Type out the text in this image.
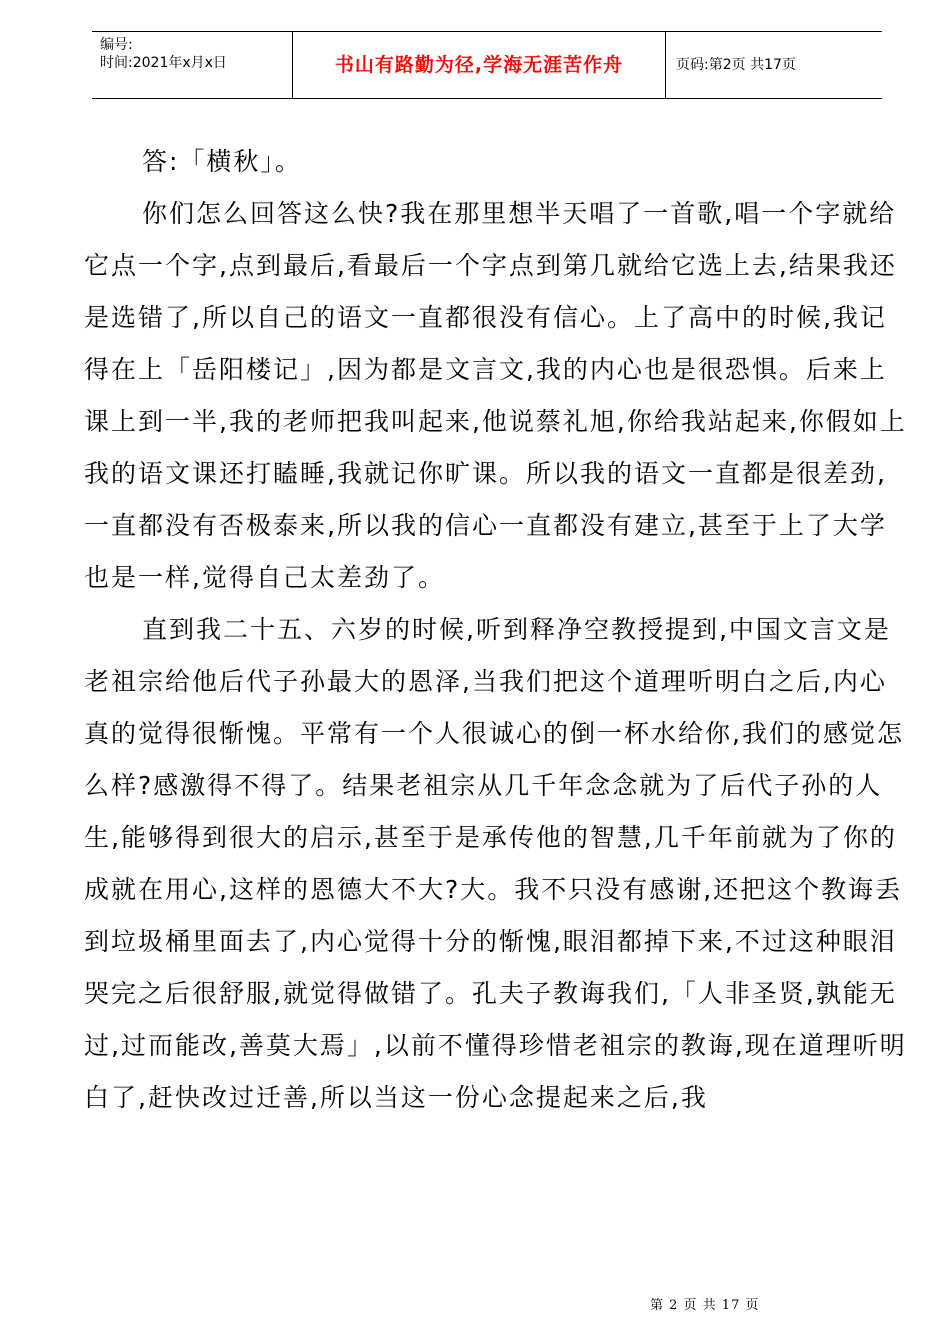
编号:
时间:2021年x月x日	书山有路勤为径,学海无涯苦作舟	页码:第2页 共17页

答:「横秋」。

你们怎么回答这么快?我在那里想半天唱了一首歌,唱一个字就给它点一个字,点到最后,看最后一个字点到第几就给它选上去,结果我还是选错了,所以自己的语文一直都很没有信心。上了高中的时候,我记得在上「岳阳楼记」,因为都是文言文,我的内心也是很恐惧。后来上课上到一半,我的老师把我叫起来,他说蔡礼旭,你给我站起来,你假如上我的语文课还打瞌睡,我就记你旷课。所以我的语文一直都是很差劲,一直都没有否极泰来,所以我的信心一直都没有建立,甚至于上了大学也是一样,觉得自己太差劲了。

直到我二十五、六岁的时候,听到释净空教授提到,中国文言文是老祖宗给他后代子孙最大的恩泽,当我们把这个道理听明白之后,内心真的觉得很惭愧。平常有一个人很诚心的倒一杯水给你,我们的感觉怎么样?感激得不得了。结果老祖宗从几千年念念就为了后代子孙的人生,能够得到很大的启示,甚至于是承传他的智慧,几千年前就为了你的成就在用心,这样的恩德大不大?大。我不只没有感谢,还把这个教诲丢到垃圾桶里面去了,内心觉得十分的惭愧,眼泪都掉下来,不过这种眼泪哭完之后很舒服,就觉得做错了。孔夫子教诲我们,「人非圣贤,孰能无过,过而能改,善莫大焉」,以前不懂得珍惜老祖宗的教诲,现在道理听明白了,赶快改过迁善,所以当这一份心念提起来之后,我

第 2 页 共 17 页
